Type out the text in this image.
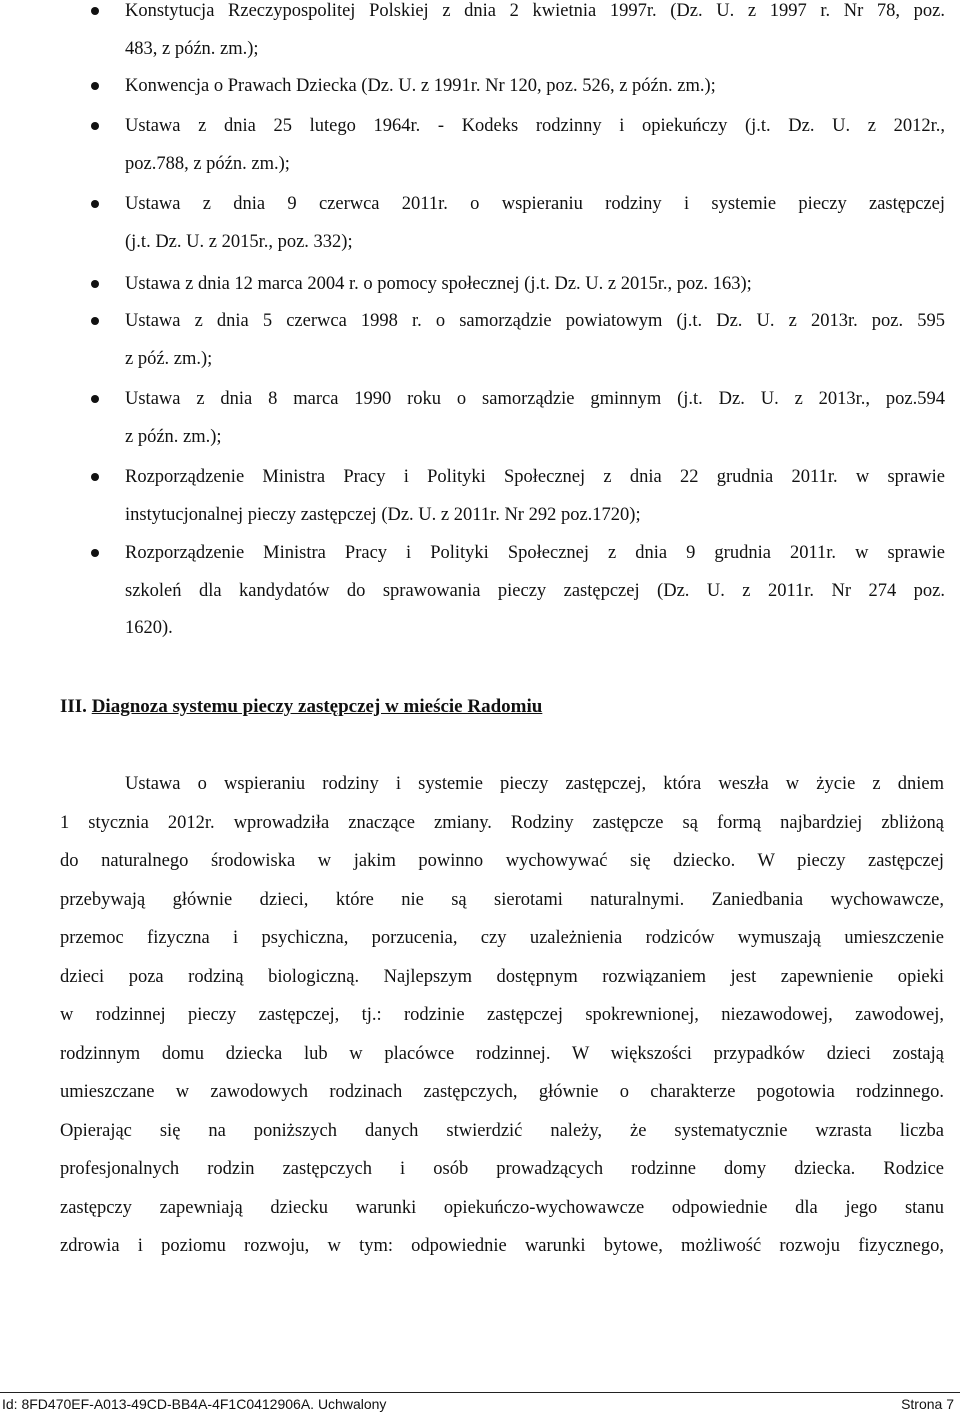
Konstytucja Rzeczypospolitej Polskiej z dnia 2 kwietnia 1997r. (Dz. U. z 1997 r. Nr 78, poz.
483, z późn. zm.);
Konwencja o Prawach Dziecka (Dz. U. z 1991r. Nr 120, poz. 526, z późn. zm.);
Ustawa z dnia 25 lutego 1964r. - Kodeks rodzinny i opiekuńczy (j.t. Dz. U. z 2012r.,
poz.788, z późn. zm.);
Ustawa z dnia 9 czerwca 2011r. o wspieraniu rodziny i systemie pieczy zastępczej
(j.t. Dz. U. z 2015r., poz. 332);
Ustawa z dnia 12 marca 2004 r. o pomocy społecznej (j.t. Dz. U. z 2015r., poz. 163);
Ustawa z dnia 5 czerwca 1998 r. o samorządzie powiatowym (j.t. Dz. U. z 2013r. poz. 595
z póź. zm.);
Ustawa z dnia 8 marca 1990 roku o samorządzie gminnym (j.t. Dz. U. z 2013r., poz.594
z późn. zm.);
Rozporządzenie Ministra Pracy i Polityki Społecznej z dnia 22 grudnia 2011r. w sprawie
instytucjonalnej pieczy zastępczej (Dz. U. z 2011r. Nr 292 poz.1720);
Rozporządzenie Ministra Pracy i Polityki Społecznej z dnia 9 grudnia 2011r. w sprawie
szkoleń dla kandydatów do sprawowania pieczy zastępczej (Dz. U. z 2011r. Nr 274 poz.
1620).
III. Diagnoza systemu pieczy zastępczej w mieście Radomiu
Ustawa o wspieraniu rodziny i systemie pieczy zastępczej, która weszła w życie z dniem
1 stycznia 2012r. wprowadziła znaczące zmiany. Rodziny zastępcze są formą najbardziej zbliżoną
do naturalnego środowiska w jakim powinno wychowywać się dziecko. W pieczy zastępczej
przebywają głównie dzieci, które nie są sierotami naturalnymi. Zaniedbania wychowawcze,
przemoc fizyczna i psychiczna, porzucenia, czy uzależnienia rodziców wymuszają umieszczenie
dzieci poza rodziną biologiczną. Najlepszym dostępnym rozwiązaniem jest zapewnienie opieki
w rodzinnej pieczy zastępczej, tj.: rodzinie zastępczej spokrewnionej, niezawodowej, zawodowej,
rodzinnym domu dziecka lub w placówce rodzinnej. W większości przypadków dzieci zostają
umieszczane w zawodowych rodzinach zastępczych, głównie o charakterze pogotowia rodzinnego.
Opierając się na poniższych danych stwierdzić należy, że systematycznie wzrasta liczba
profesjonalnych rodzin zastępczych i osób prowadzących rodzinne domy dziecka. Rodzice
zastępczy zapewniają dziecku warunki opiekuńczo-wychowawcze odpowiednie dla jego stanu
zdrowia i poziomu rozwoju, w tym: odpowiednie warunki bytowe, możliwość rozwoju fizycznego,
Id: 8FD470EF-A013-49CD-BB4A-4F1C0412906A. Uchwalony	Strona 7
